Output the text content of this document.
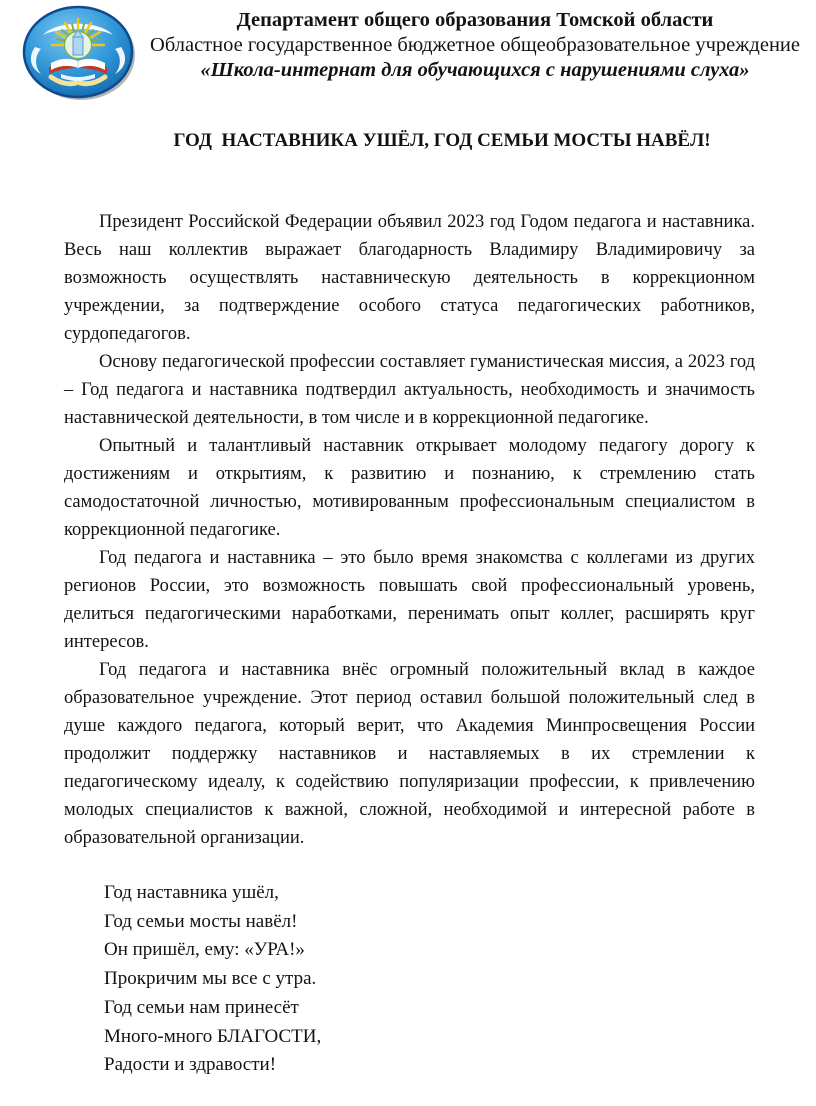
Департамент общего образования Томской области
Областное государственное бюджетное общеобразовательное учреждение
«Школа-интернат для обучающихся с нарушениями слуха»
ГОД  НАСТАВНИКА УШЁЛ, ГОД СЕМЬИ МОСТЫ НАВЁЛ!

Президент Российской Федерации объявил 2023 год Годом педагога и наставника. Весь наш коллектив выражает благодарность Владимиру Владимировичу за возможность осуществлять наставническую деятельность в коррекционном учреждении, за подтверждение особого статуса педагогических работников, сурдопедагогов.

Основу педагогической профессии составляет гуманистическая миссия, а 2023 год – Год педагога и наставника подтвердил актуальность, необходимость и значимость наставнической деятельности, в том числе и в коррекционной педагогике.

Опытный и талантливый наставник открывает молодому педагогу дорогу к достижениям и открытиям, к развитию и познанию, к стремлению стать самодостаточной личностью, мотивированным профессиональным специалистом в коррекционной педагогике.

Год педагога и наставника – это было время знакомства с коллегами из других регионов России, это возможность повышать свой профессиональный уровень, делиться педагогическими наработками, перенимать опыт коллег, расширять круг интересов.

Год педагога и наставника внёс огромный положительный вклад в каждое образовательное учреждение. Этот период оставил большой положительный след в душе каждого педагога, который верит, что Академия Минпросвещения России продолжит поддержку наставников и наставляемых в их стремлении к педагогическому идеалу, к содействию популяризации профессии, к привлечению молодых специалистов к важной, сложной, необходимой и интересной работе в образовательной организации.

Год наставника ушёл,
Год семьи мосты навёл!
Он пришёл, ему: «УРА!»
Прокричим мы все с утра.
Год семьи нам принесёт
Много-много БЛАГОСТИ,
Радости и здравости!
